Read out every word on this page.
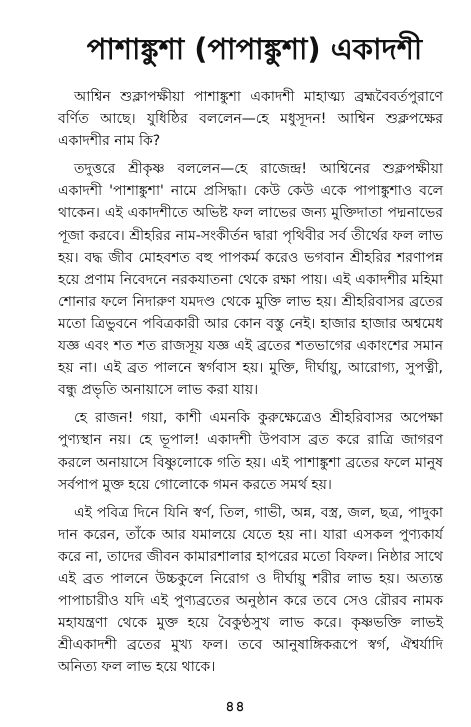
পাশাঙ্কুশা (পাপাঙ্কুশা) একাদশী

আশ্বিন শুক্লাপক্ষীয়া পাশাঙ্কুশা একাদশী মাহাত্ম্য ব্রহ্মবৈবর্তপুরাণে বর্ণিত আছে। যুধিষ্ঠির বললেন—হে মধুসূদন! আশ্বিন শুক্লপক্ষের একাদশীর নাম কি?

তদুত্তরে শ্রীকৃষ্ণ বললেন—হে রাজেন্দ্র! আশ্বিনের শুক্লপক্ষীয়া একাদশী 'পাশাঙ্কুশা' নামে প্রসিদ্ধা। কেউ কেউ একে পাপাঙ্কুশাও বলে থাকেন। এই একাদশীতে অভিষ্ট ফল লাভের জন্য মুক্তিদাতা পদ্মনাভের পূজা করবে। শ্রীহরির নাম-সংকীর্তন দ্বারা পৃথিবীর সর্ব তীর্থের ফল লাভ হয়। বদ্ধ জীব মোহবশত বহু পাপকর্ম করেও ভগবান শ্রীহরির শরণাপন্ন হয়ে প্রণাম নিবেদনে নরকযাতনা থেকে রক্ষা পায়। এই একাদশীর মহিমা শোনার ফলে নিদারুণ যমদণ্ড থেকে মুক্তি লাভ হয়। শ্রীহরিবাসর ব্রতের মতো ত্রিভুবনে পবিত্রকারী আর কোন বস্তু নেই। হাজার হাজার অশ্বমেধ যজ্ঞ এবং শত শত রাজসূয় যজ্ঞ এই ব্রতের শতভাগের একাংশের সমান হয় না। এই ব্রত পালনে স্বর্গবাস হয়। মুক্তি, দীর্ঘায়ু, আরোগ্য, সুপত্নী, বন্ধু প্রভৃতি অনায়াসে লাভ করা যায়।

হে রাজন! গয়া, কাশী এমনকি কুরুক্ষেত্রেও শ্রীহরিবাসর অপেক্ষা পুণ্যস্থান নয়। হে ভূপাল! একাদশী উপবাস ব্রত করে রাত্রি জাগরণ করলে অনায়াসে বিষ্ণুলোকে গতি হয়। এই পাশাঙ্কুশা ব্রতের ফলে মানুষ সর্বপাপ মুক্ত হয়ে গোলোকে গমন করতে সমর্থ হয়।

এই পবিত্র দিনে যিনি স্বর্ণ, তিল, গাভী, অন্ন, বস্ত্র, জল, ছত্র, পাদুকা দান করেন, তাঁকে আর যমালয়ে যেতে হয় না। যারা এসকল পুণ্যকার্য করে না, তাদের জীবন কামারশালার হাপরের মতো বিফল। নিষ্ঠার সাথে এই ব্রত পালনে উচ্চকুলে নিরোগ ও দীর্ঘায়ু শরীর লাভ হয়। অত্যন্ত পাপাচারীও যদি এই পুণ্যব্রতের অনুষ্ঠান করে তবে সেও রৌরব নামক মহাযন্ত্রণা থেকে মুক্ত হয়ে বৈকুণ্ঠসুখ লাভ করে। কৃষ্ণভক্তি লাভই শ্রীএকাদশী ব্রতের মুখ্য ফল। তবে আনুষাঙ্গিকরূপে স্বর্গ, ঐশ্বর্যাদি অনিত্য ফল লাভ হয়ে থাকে।

৪৪
